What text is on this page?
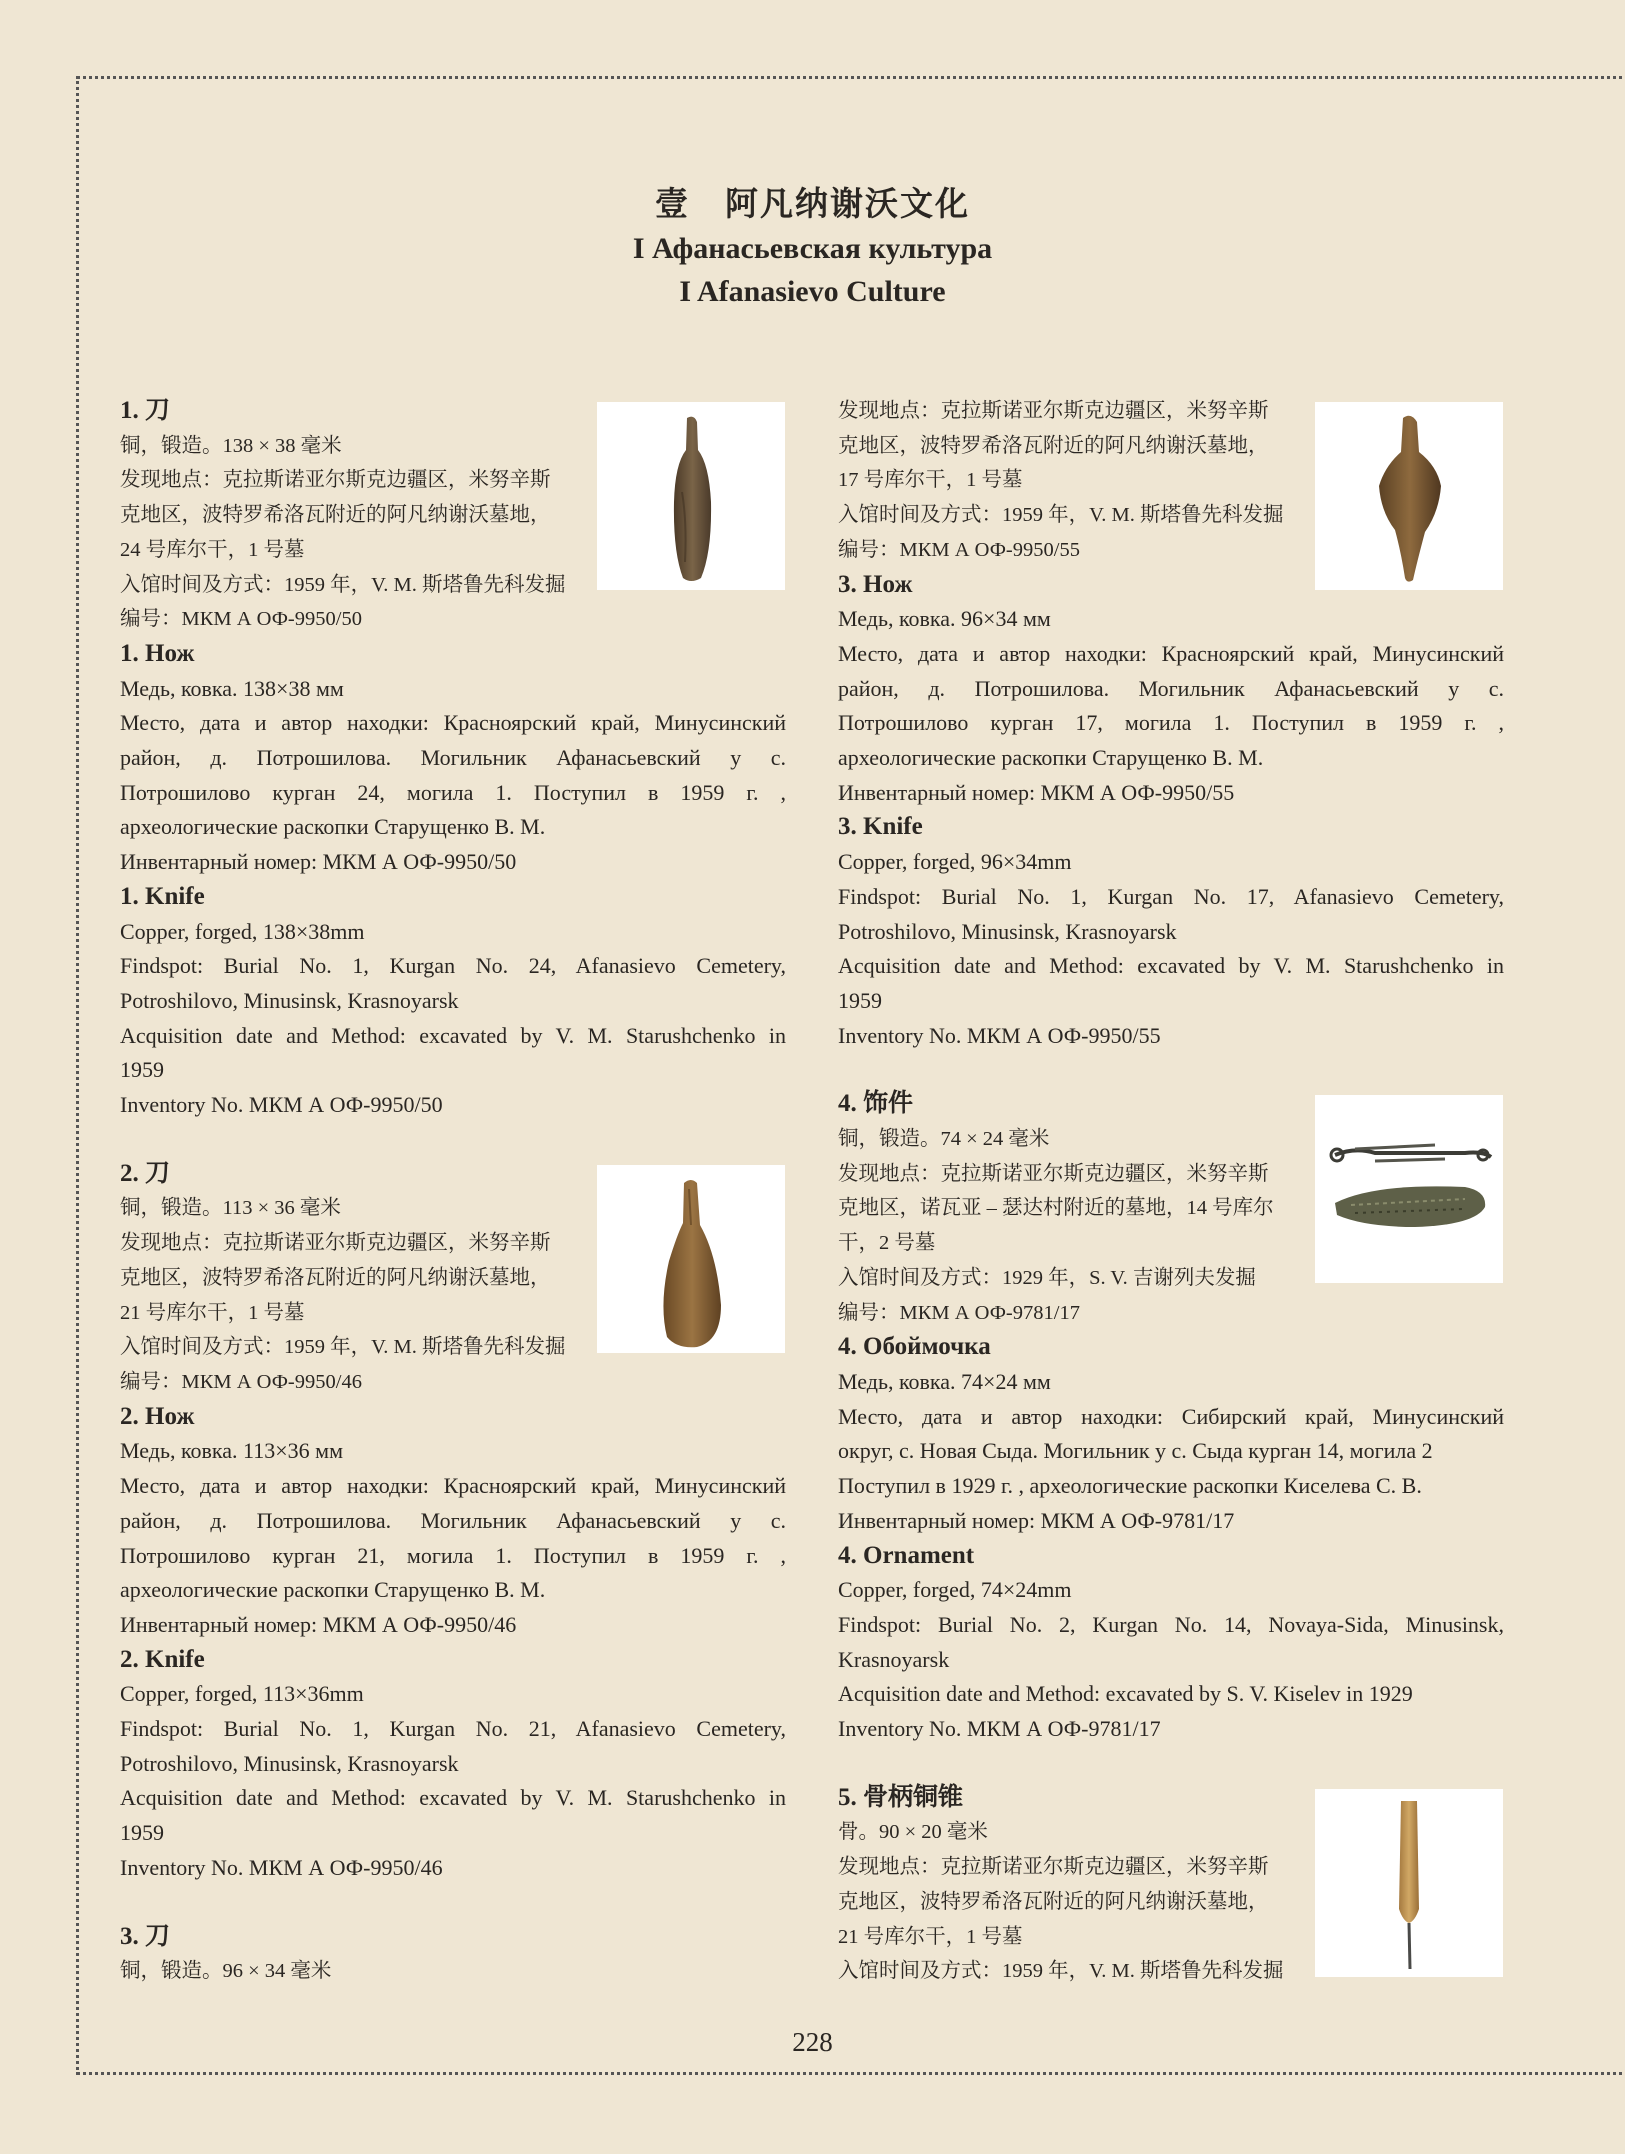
壹　阿凡纳谢沃文化
I Афанасьевская культура
I Afanasievo Culture
1. 刀
铜，锻造。138 × 38 毫米
发现地点：克拉斯诺亚尔斯克边疆区，米努辛斯
克地区，波特罗希洛瓦附近的阿凡纳谢沃墓地，
24 号库尔干，1 号墓
入馆时间及方式：1959 年，V. M. 斯塔鲁先科发掘
编号：МКМ А ОФ-9950/50
1. Нож
Медь, ковка. 138×38 мм
Место, дата и автор находки: Красноярский край, Минусинский
район, д. Потрошилова. Могильник Афанасьевский у с.
Потрошилово курган 24, могила 1. Поступил в 1959 г. ,
археологические раскопки Старущенко В. М.
Инвентарный номер: МКМ А ОФ-9950/50
1. Knife
Copper, forged, 138×38mm
Findspot: Burial No. 1, Kurgan No. 24, Afanasievo Cemetery,
Potroshilovo, Minusinsk, Krasnoyarsk
Acquisition date and Method: excavated by V. M. Starushchenko in
1959
Inventory No. МКМ А ОФ-9950/50
2. 刀
铜，锻造。113 × 36 毫米
发现地点：克拉斯诺亚尔斯克边疆区，米努辛斯
克地区，波特罗希洛瓦附近的阿凡纳谢沃墓地，
21 号库尔干，1 号墓
入馆时间及方式：1959 年，V. M. 斯塔鲁先科发掘
编号：МКМ А ОФ-9950/46
2. Нож
Медь, ковка. 113×36 мм
Место, дата и автор находки: Красноярский край, Минусинский
район, д. Потрошилова. Могильник Афанасьевский у с.
Потрошилово курган 21, могила 1. Поступил в 1959 г. ,
археологические раскопки Старущенко В. М.
Инвентарный номер: МКМ А ОФ-9950/46
2. Knife
Copper, forged, 113×36mm
Findspot: Burial No. 1, Kurgan No. 21, Afanasievo Cemetery,
Potroshilovo, Minusinsk, Krasnoyarsk
Acquisition date and Method: excavated by V. M. Starushchenko in
1959
Inventory No. МКМ А ОФ-9950/46
3. 刀
铜，锻造。96 × 34 毫米
发现地点：克拉斯诺亚尔斯克边疆区，米努辛斯
克地区，波特罗希洛瓦附近的阿凡纳谢沃墓地，
17 号库尔干，1 号墓
入馆时间及方式：1959 年，V. M. 斯塔鲁先科发掘
编号：МКМ А ОФ-9950/55
3. Нож
Медь, ковка. 96×34 мм
Место, дата и автор находки: Красноярский край, Минусинский
район, д. Потрошилова. Могильник Афанасьевский у с.
Потрошилово курган 17, могила 1. Поступил в 1959 г. ,
археологические раскопки Старущенко В. М.
Инвентарный номер: МКМ А ОФ-9950/55
3. Knife
Copper, forged, 96×34mm
Findspot: Burial No. 1, Kurgan No. 17, Afanasievo Cemetery,
Potroshilovo, Minusinsk, Krasnoyarsk
Acquisition date and Method: excavated by V. M. Starushchenko in
1959
Inventory No. МКМ А ОФ-9950/55
4. 饰件
铜，锻造。74 × 24 毫米
发现地点：克拉斯诺亚尔斯克边疆区，米努辛斯
克地区，诺瓦亚 – 瑟达村附近的墓地，14 号库尔
干，2 号墓
入馆时间及方式：1929 年，S. V. 吉谢列夫发掘
编号：МКМ А ОФ-9781/17
4. Обоймочка
Медь, ковка. 74×24 мм
Место, дата и автор находки: Сибирский край, Минусинский
округ, с. Новая Сыда. Могильник у с. Сыда курган 14, могила 2
Поступил в 1929 г. , археологические раскопки Киселева С. В.
Инвентарный номер: МКМ А ОФ-9781/17
4. Ornament
Copper, forged, 74×24mm
Findspot: Burial No. 2, Kurgan No. 14, Novaya-Sida, Minusinsk,
Krasnoyarsk
Acquisition date and Method: excavated by S. V. Kiselev in 1929
Inventory No. МКМ А ОФ-9781/17
5. 骨柄铜锥
骨。90 × 20 毫米
发现地点：克拉斯诺亚尔斯克边疆区，米努辛斯
克地区，波特罗希洛瓦附近的阿凡纳谢沃墓地，
21 号库尔干，1 号墓
入馆时间及方式：1959 年，V. M. 斯塔鲁先科发掘
228
